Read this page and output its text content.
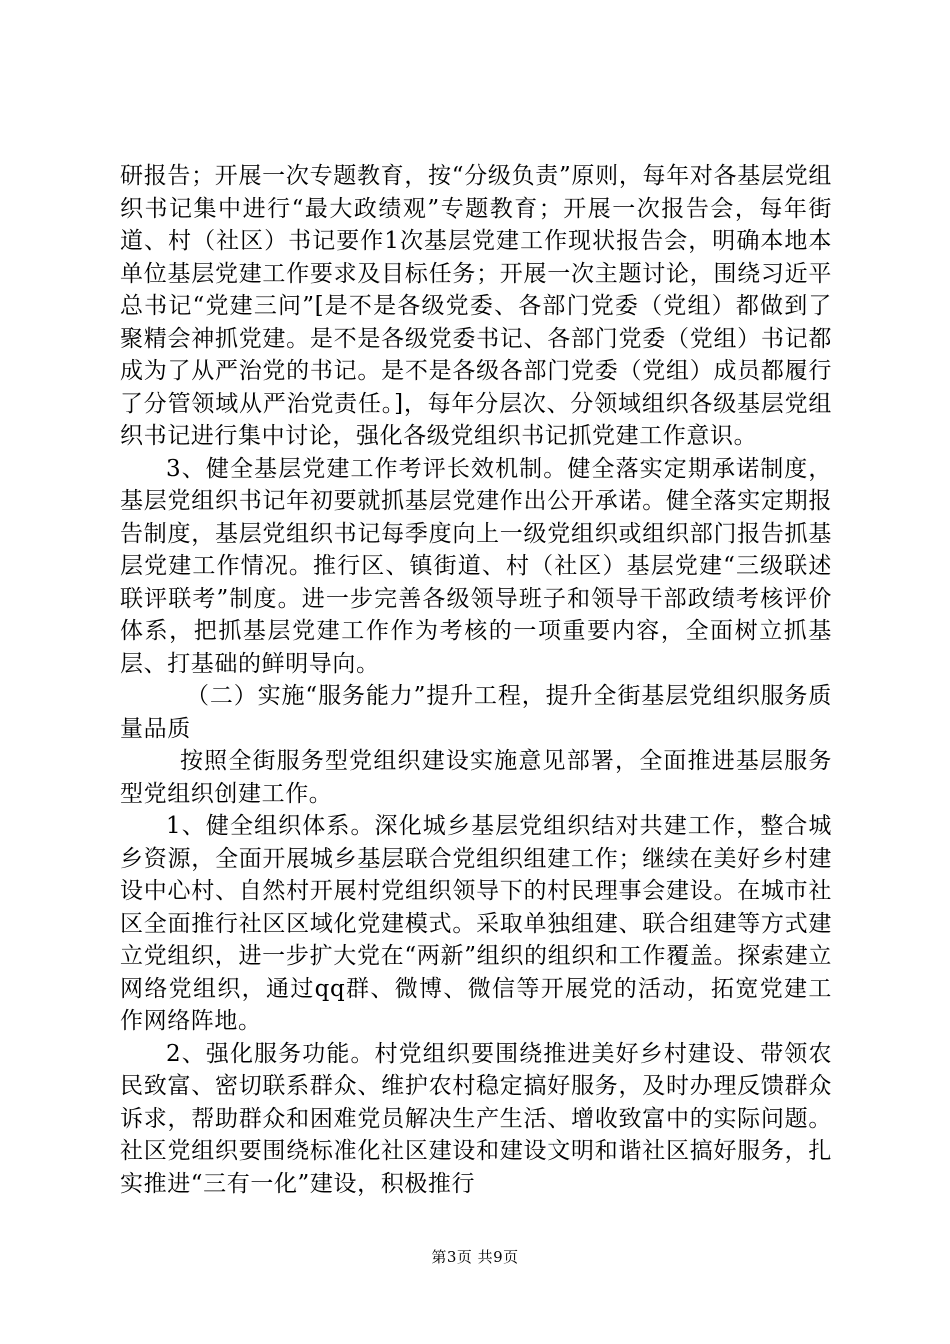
研报告；开展一次专题教育，按“分级负责”原则，每年对各基层党组织书记集中进行“最大政绩观”专题教育；开展一次报告会，每年街道、村（社区）书记要作1次基层党建工作现状报告会，明确本地本单位基层党建工作要求及目标任务；开展一次主题讨论，围绕习近平总书记“党建三问”[是不是各级党委、各部门党委（党组）都做到了聚精会神抓党建。是不是各级党委书记、各部门党委（党组）书记都成为了从严治党的书记。是不是各级各部门党委（党组）成员都履行了分管领域从严治党责任。]，每年分层次、分领域组织各级基层党组织书记进行集中讨论，强化各级党组织书记抓党建工作意识。

3、健全基层党建工作考评长效机制。健全落实定期承诺制度，基层党组织书记年初要就抓基层党建作出公开承诺。健全落实定期报告制度，基层党组织书记每季度向上一级党组织或组织部门报告抓基层党建工作情况。推行区、镇街道、村（社区）基层党建“三级联述联评联考”制度。进一步完善各级领导班子和领导干部政绩考核评价体系，把抓基层党建工作作为考核的一项重要内容，全面树立抓基层、打基础的鲜明导向。

（二）实施“服务能力”提升工程，提升全街基层党组织服务质量品质

按照全街服务型党组织建设实施意见部署，全面推进基层服务型党组织创建工作。

1、健全组织体系。深化城乡基层党组织结对共建工作，整合城乡资源，全面开展城乡基层联合党组织组建工作；继续在美好乡村建设中心村、自然村开展村党组织领导下的村民理事会建设。在城市社区全面推行社区区域化党建模式。采取单独组建、联合组建等方式建立党组织，进一步扩大党在“两新”组织的组织和工作覆盖。探索建立网络党组织，通过qq群、微博、微信等开展党的活动，拓宽党建工作网络阵地。

2、强化服务功能。村党组织要围绕推进美好乡村建设、带领农民致富、密切联系群众、维护农村稳定搞好服务，及时办理反馈群众诉求，帮助群众和困难党员解决生产生活、增收致富中的实际问题。社区党组织要围绕标准化社区建设和建设文明和谐社区搞好服务，扎实推进“三有一化”建设，积极推行

第3页 共9页
